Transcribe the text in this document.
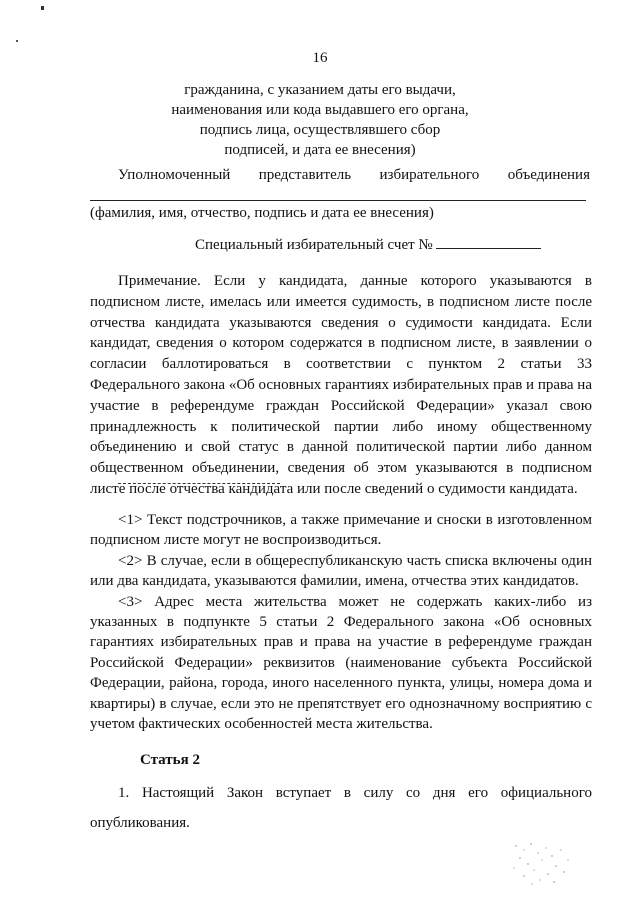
16

гражданина, с указанием даты его выдачи,
наименования или кода выдавшего его органа,
подпись лица, осуществлявшего сбор
подписей, и дата ее внесения)
Уполномоченный представитель избирательного объединения

(фамилия, имя, отчество, подпись и дата ее внесения)

Специальный избирательный счет №

Примечание. Если у кандидата, данные которого указываются в подписном листе, имелась или имеется судимость, в подписном листе после отчества кандидата указываются сведения о судимости кандидата. Если кандидат, сведения о котором содержатся в подписном листе, в заявлении о согласии баллотироваться в соответствии с пунктом 2 статьи 33 Федерального закона «Об основных гарантиях избирательных прав и права на участие в референдуме граждан Российской Федерации» указал свою принадлежность к политической партии либо иному общественному объединению и свой статус в данной политической партии либо данном общественном объединении, сведения об этом указываются в подписном листе после отчества кандидата или после сведений о судимости кандидата.

<1> Текст подстрочников, а также примечание и сноски в изготовленном подписном листе могут не воспроизводиться.

<2> В случае, если в общереспубликанскую часть списка включены один или два кандидата, указываются фамилии, имена, отчества этих кандидатов.

<3> Адрес места жительства может не содержать каких-либо из указанных в подпункте 5 статьи 2 Федерального закона «Об основных гарантиях избирательных прав и права на участие в референдуме граждан Российской Федерации» реквизитов (наименование субъекта Российской Федерации, района, города, иного населенного пункта, улицы, номера дома и квартиры) в случае, если это не препятствует его однозначному восприятию с учетом фактических особенностей места жительства.

Статья 2

1. Настоящий Закон вступает в силу со дня его официального опубликования.
